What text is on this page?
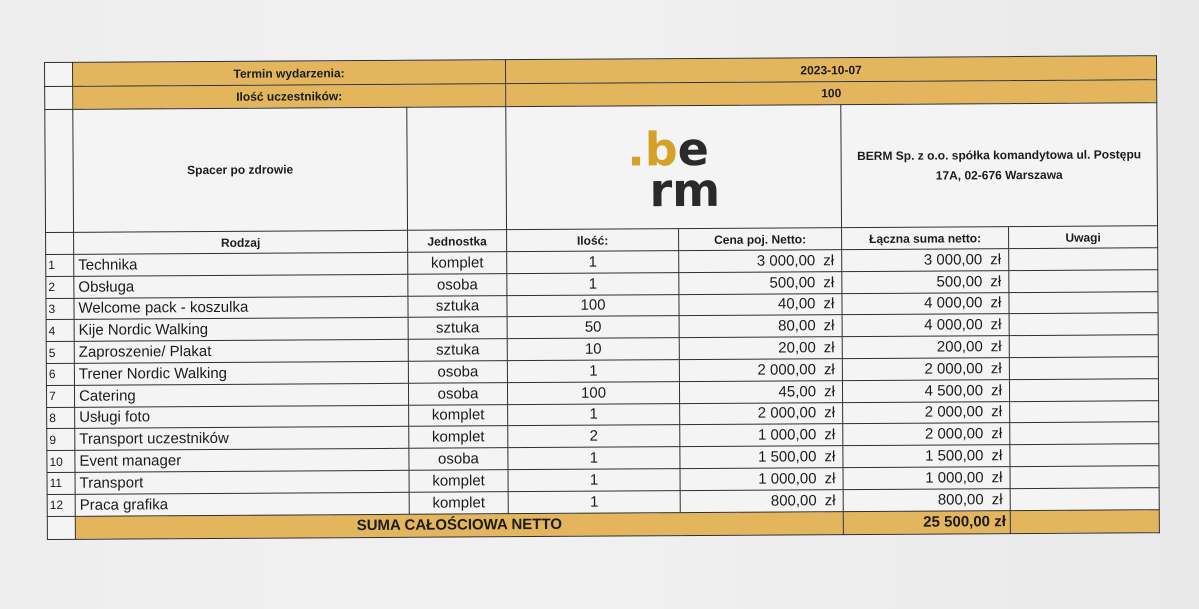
	Termin wydarzenia:		2023-10-07			
	Ilość uczestników:		100			
	Spacer po zdrowie		.be
rm		BERM Sp. z o.o. spółka komandytowa ul. Postępu 17A, 02-676 Warszawa	
	Rodzaj	Jednostka	Ilość:	Cena poj. Netto:	Łączna suma netto:	Uwagi
1	Technika	komplet	1	3 000,00 zł	3 000,00 zł	

2	Obsługa	osoba	1	500,00 zł	500,00 zł	

3	Welcome pack - koszulka	sztuka	100	40,00 zł	4 000,00 zł	

4	Kije Nordic Walking	sztuka	50	80,00 zł	4 000,00 zł	

5	Zaproszenie/ Plakat	sztuka	10	20,00 zł	200,00 zł	

6	Trener Nordic Walking	osoba	1	2 000,00 zł	2 000,00 zł	

7	Catering	osoba	100	45,00 zł	4 500,00 zł	

8	Usługi foto	komplet	1	2 000,00 zł	2 000,00 zł	

9	Transport uczestników	komplet	2	1 000,00 zł	2 000,00 zł	

10	Event manager	osoba	1	1 500,00 zł	1 500,00 zł	

11	Transport	komplet	1	1 000,00 zł	1 000,00 zł	

12	Praca grafika	komplet	1	800,00 zł	800,00 zł	

	SUMA CAŁOŚCIOWA NETTO				25 500,00 zł	
